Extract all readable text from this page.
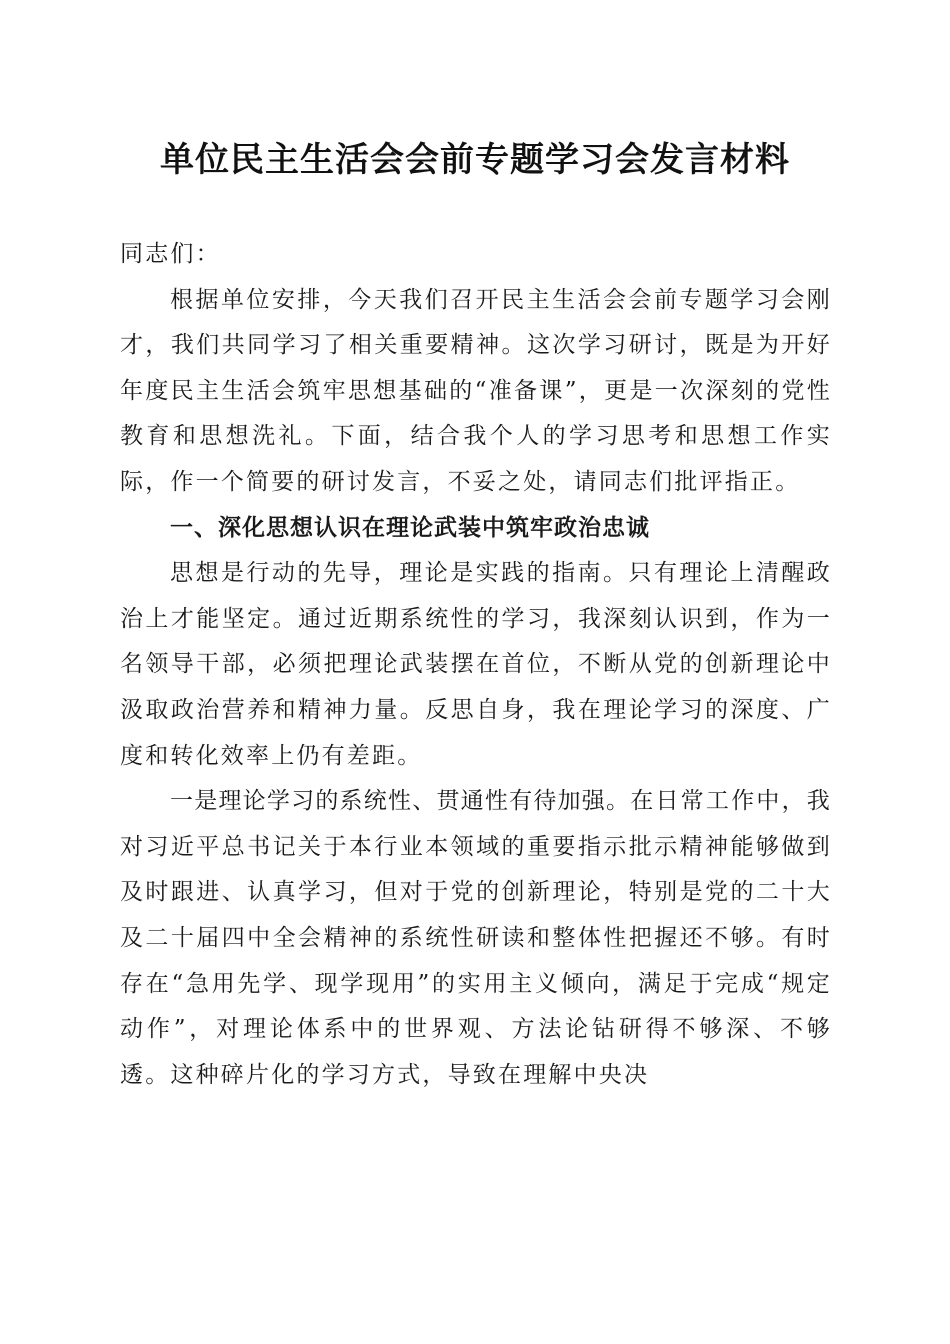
单位民主生活会会前专题学习会发言材料

同志们：

根据单位安排，今天我们召开民主生活会会前专题学习会刚才，我们共同学习了相关重要精神。这次学习研讨，既是为开好年度民主生活会筑牢思想基础的“准备课”，更是一次深刻的党性教育和思想洗礼。下面，结合我个人的学习思考和思想工作实际，作一个简要的研讨发言，不妥之处，请同志们批评指正。

一、深化思想认识在理论武装中筑牢政治忠诚

思想是行动的先导，理论是实践的指南。只有理论上清醒政治上才能坚定。通过近期系统性的学习，我深刻认识到，作为一名领导干部，必须把理论武装摆在首位，不断从党的创新理论中汲取政治营养和精神力量。反思自身，我在理论学习的深度、广度和转化效率上仍有差距。

一是理论学习的系统性、贯通性有待加强。在日常工作中，我对习近平总书记关于本行业本领域的重要指示批示精神能够做到及时跟进、认真学习，但对于党的创新理论，特别是党的二十大及二十届四中全会精神的系统性研读和整体性把握还不够。有时存在“急用先学、现学现用”的实用主义倾向，满足于完成“规定动作”，对理论体系中的世界观、方法论钻研得不够深、不够透。这种碎片化的学习方式，导致在理解中央决
